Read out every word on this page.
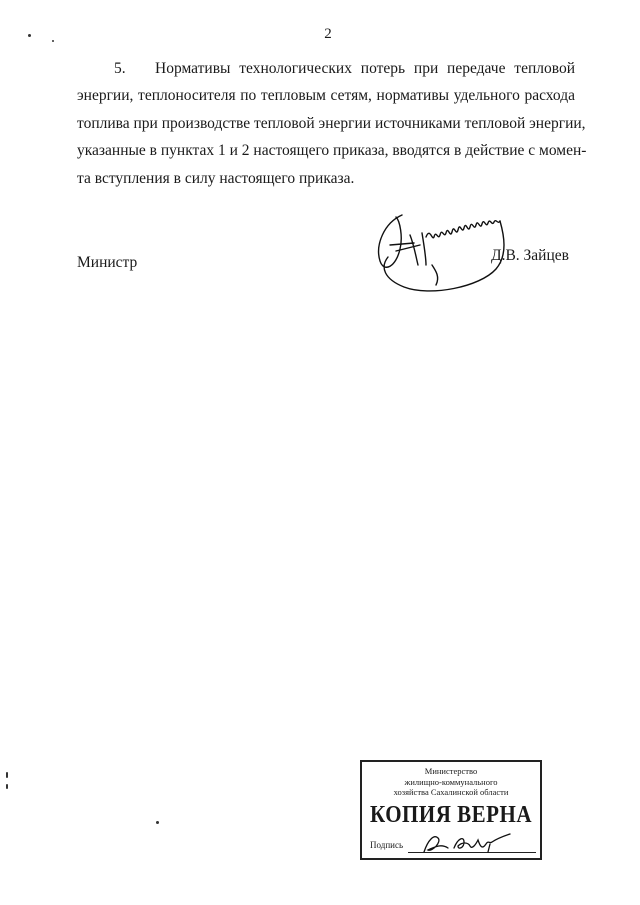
2
5. Нормативы технологических потерь при передаче тепловой
энергии, теплоносителя по тепловым сетям, нормативы удельного расхода
топлива при производстве тепловой энергии источниками тепловой энергии,
указанные в пунктах 1 и 2 настоящего приказа, вводятся в действие с момен-
та вступления в силу настоящего приказа.
Министр	Д.В. Зайцев
Министерство
жилищно-коммунального
хозяйства Сахалинской области
КОПИЯ ВЕРНА
Подпись
